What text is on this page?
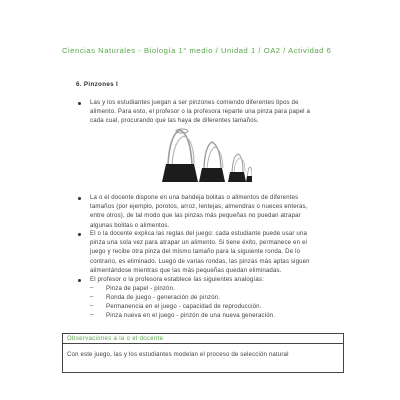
Ciencias Naturales - Biología 1° medio / Unidad 1 / OA2 / Actividad 6
6. Pinzones I
Las y los estudiantes juegan a ser pinzones comiendo diferentes tipos de
alimento. Para esto, el profesor o la profesora reparte una pinza para papel a
cada cual, procurando que las haya de diferentes tamaños.
La o el docente dispone en una bandeja bolitas o alimentos de diferentes
tamaños (por ejemplo, porotos, arroz, lentejas, almendras o nueces enteras,
entre otros), de tal modo que las pinzas más pequeñas no puedan atrapar
algunas bolitas o alimentos.
El o la docente explica las reglas del juego: cada estudiante puede usar una
pinza una sola vez para atrapar un alimento. Si tiene éxito, permanece en el
juego y recibe otra pinza del mismo tamaño para la siguiente ronda. De lo
contrario, es eliminado. Luego de varias rondas, las pinzas más aptas siguen
alimentándose mientras que las más pequeñas quedan eliminadas.
El profesor o la profesora establece las siguientes analogías:
– Pinza de papel - pinzón.
– Ronda de juego - generación de pinzón.
– Permanencia en el juego - capacidad de reproducción.
– Pinza nueva en el juego - pinzón de una nueva generación.
Observaciones a la o el docente
Con este juego, las y los estudiantes modelan el proceso de selección natural
